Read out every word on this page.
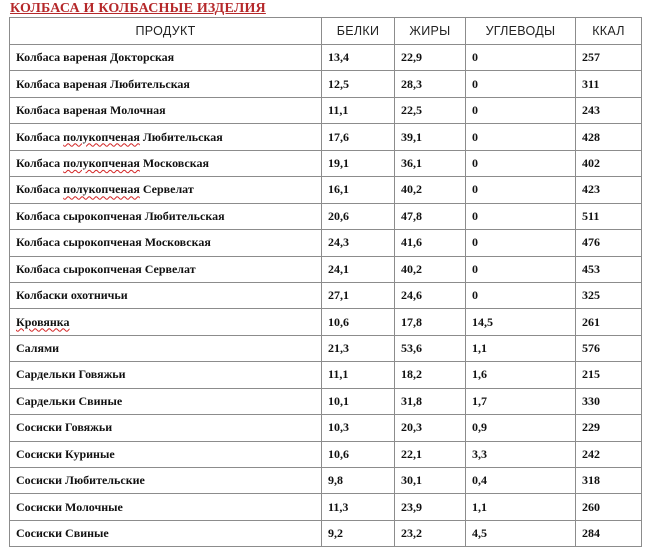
КОЛБАСА И КОЛБАСНЫЕ ИЗДЕЛИЯ
ПРОДУКТ	БЕЛКИ	ЖИРЫ	УГЛЕВОДЫ	ККАЛ
Колбаса вареная Докторская	13,4	22,9	0	257
Колбаса вареная Любительская	12,5	28,3	0	311
Колбаса вареная Молочная	11,1	22,5	0	243
Колбаса полукопченая Любительская	17,6	39,1	0	428
Колбаса полукопченая Московская	19,1	36,1	0	402
Колбаса полукопченая Сервелат	16,1	40,2	0	423
Колбаса сырокопченая Любительская	20,6	47,8	0	511
Колбаса сырокопченая Московская	24,3	41,6	0	476
Колбаса сырокопченая Сервелат	24,1	40,2	0	453
Колбаски охотничьи	27,1	24,6	0	325
Кровянка	10,6	17,8	14,5	261
Салями	21,3	53,6	1,1	576
Сардельки Говяжьи	11,1	18,2	1,6	215
Сардельки Свиные	10,1	31,8	1,7	330
Сосиски Говяжьи	10,3	20,3	0,9	229
Сосиски Куриные	10,6	22,1	3,3	242
Сосиски Любительские	9,8	30,1	0,4	318
Сосиски Молочные	11,3	23,9	1,1	260
Сосиски Свиные	9,2	23,2	4,5	284
